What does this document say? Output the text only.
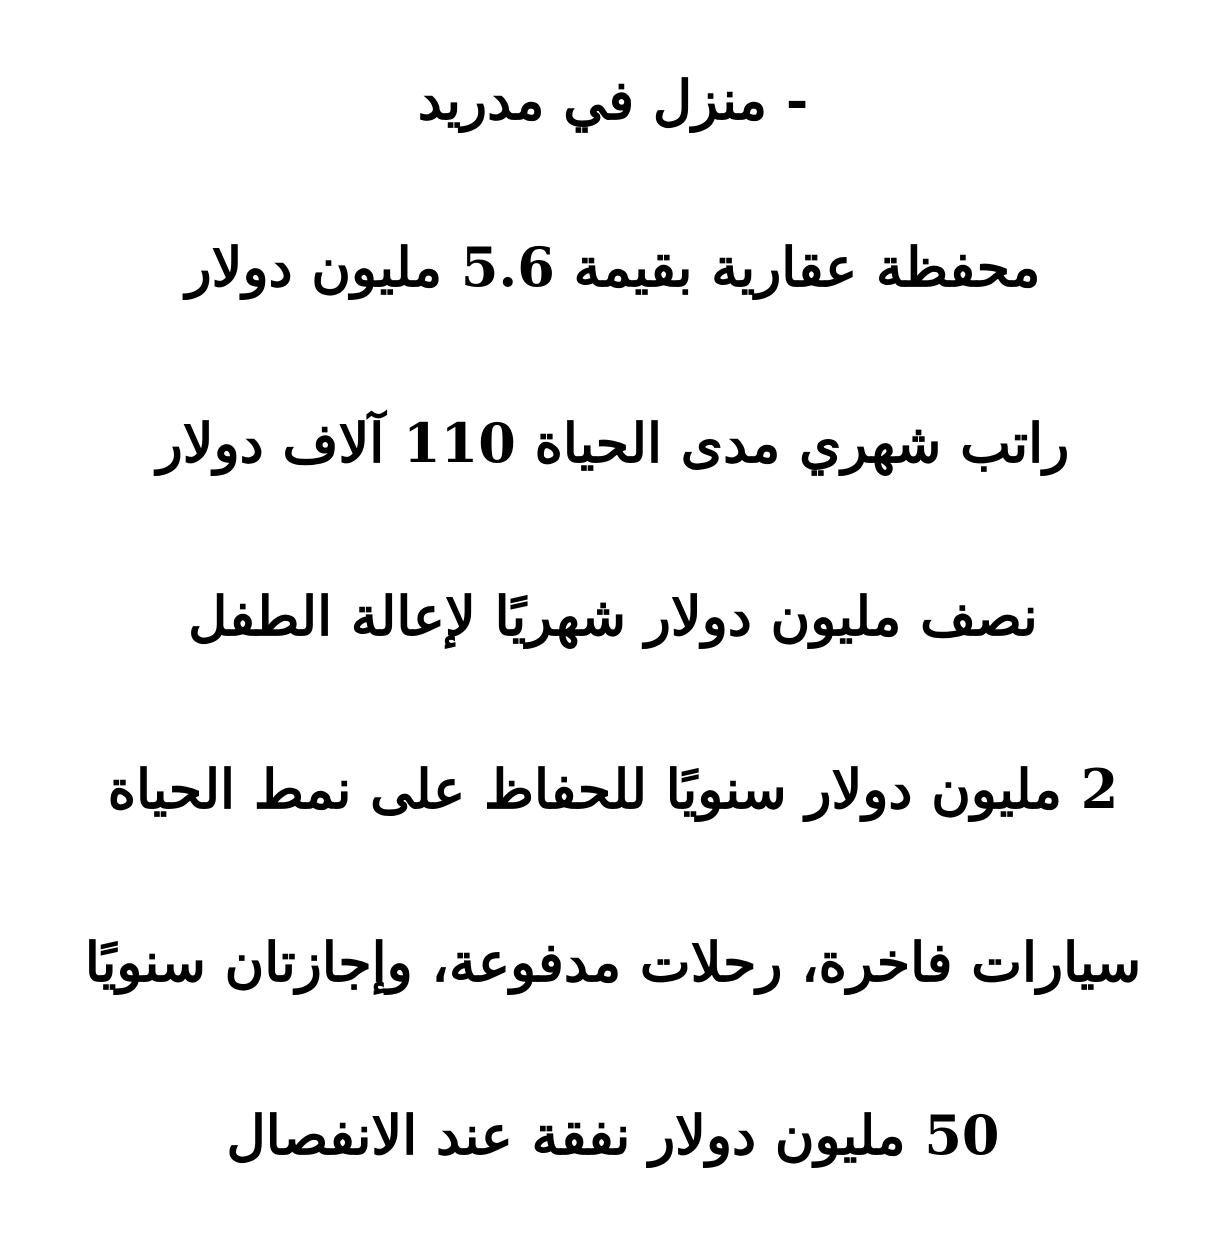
- منزل في مدريد
محفظة عقارية بقيمة 5.6 مليون دولار
راتب شهري مدى الحياة 110 آلاف دولار
نصف مليون دولار شهريًا لإعالة الطفل
2 مليون دولار سنويًا للحفاظ على نمط الحياة
سيارات فاخرة، رحلات مدفوعة، وإجازتان سنويًا
50 مليون دولار نفقة عند الانفصال
